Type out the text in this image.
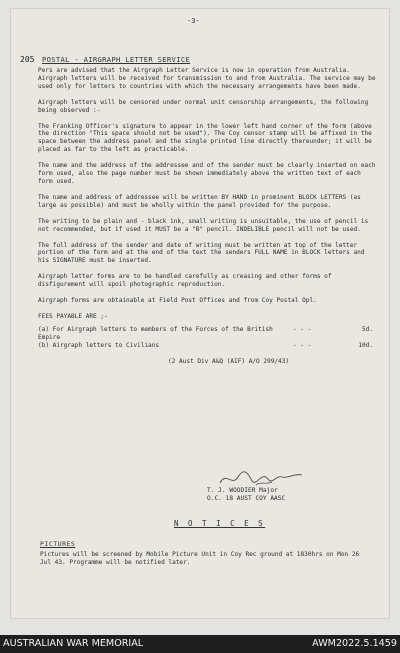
-3-
205 POSTAL - AIRGRAPH LETTER SERVICE

Pers are advised that the Airgraph Letter Service is now in operation from Australia. Airgraph letters will be received for transmission to and from Australia. The service may be used only for letters to countries with which the necessary arrangements have been made.

Airgraph letters will be censored under normal unit censorship arrangements, the following being observed :-

The Franking Officer's signature to appear in the lower left hand corner of the form (above the direction "This space should not be used"). The Coy censor stamp will be affixed in the space between the address panel and the single printed line directly thereunder; it will be placed as far to the left as practicable.

The name and the address of the addressee and of the sender must be clearly inserted on each form used, also the page number must be shown immediately above the written text of each form used.

The name and address of addressee will be written BY HAND in prominent BLOCK LETTERS (as large as possible) and must be wholly within the panel provided for the purpose.

The writing to be plain and - black ink, small writing is unsuitable, the use of pencil is not recommended, but if used it MUST be a "B" pencil. INDELIBLE pencil will not be used.

The full address of the sender and date of writing must be written at top of the letter portion of the form and at the end of the text the senders FULL NAME in BLOCK letters and his SIGNATURE must be inserted.

Airgraph letter forms are to be handled carefully as creasing and other forms of disfigurement will spoil photographic reproduction.

Airgraph forms are obtainable at Field Post Offices and from Coy Postal Opl.

FEES PAYABLE ARE ;-

(a) For Airgraph letters to members of the Forces of the British Empire
- - -	5d.
(b) Airgraph letters to Civilians	- - -	10d.
(2 Aust Div A&Q (AIF) A/O 299/43)
T. J. WOODIER Major
O.C. 18 AUST COY AASC
N O T I C E S
PICTURES
Pictures will be screened by Mobile Picture Unit in Coy Rec ground at 1830hrs on Mon 26 Jul 43. Programme will be notified later.
AUSTRALIAN WAR MEMORIAL	AWM2022.5.1459
